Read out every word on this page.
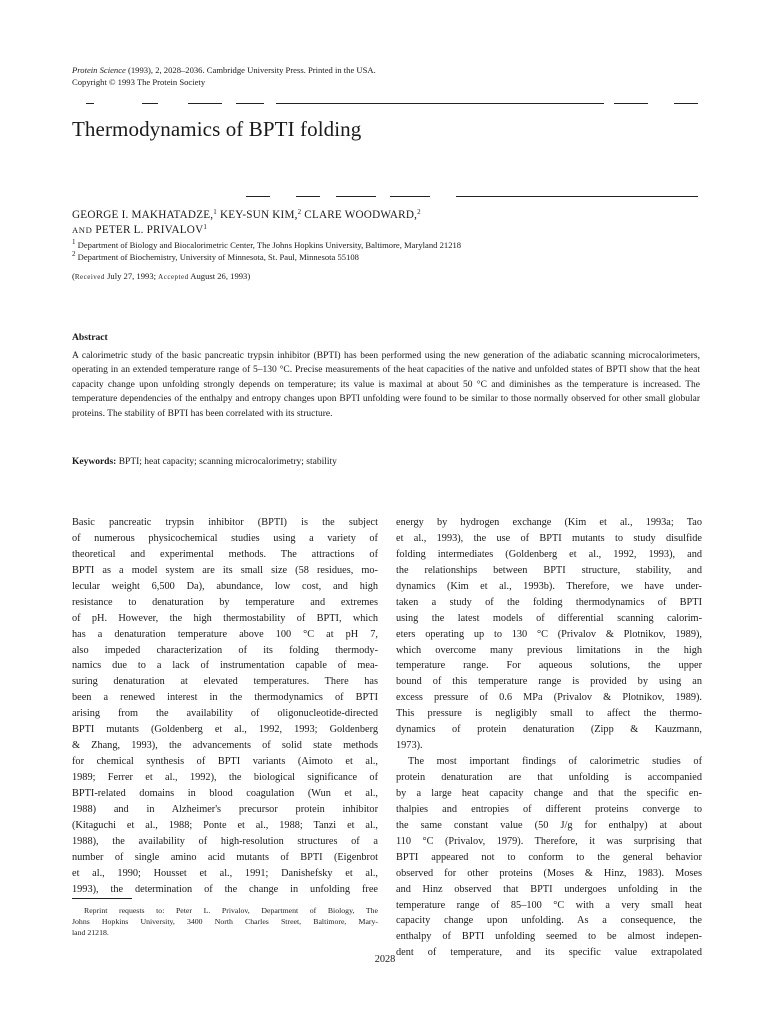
Protein Science (1993), 2, 2028–2036. Cambridge University Press. Printed in the USA.
Copyright © 1993 The Protein Society
Thermodynamics of BPTI folding
GEORGE I. MAKHATADZE,$^1$ KEY-SUN KIM,$^2$ CLARE WOODWARD,$^2$
AND PETER L. PRIVALOV$^1$
$^1$ Department of Biology and Biocalorimetric Center, The Johns Hopkins University, Baltimore, Maryland 21218
$^2$ Department of Biochemistry, University of Minnesota, St. Paul, Minnesota 55108
(Received July 27, 1993; Accepted August 26, 1993)
Abstract
A calorimetric study of the basic pancreatic trypsin inhibitor (BPTI) has been performed using the new generation of the adiabatic scanning microcalorimeters, operating in an extended temperature range of 5–130 °C. Precise measurements of the heat capacities of the native and unfolded states of BPTI show that the heat capacity change upon unfolding strongly depends on temperature; its value is maximal at about 50 °C and diminishes as the temperature is increased. The temperature dependencies of the enthalpy and entropy changes upon BPTI unfolding were found to be similar to those normally observed for other small globular proteins. The stability of BPTI has been correlated with its structure.
Keywords: BPTI; heat capacity; scanning microcalorimetry; stability
Basic pancreatic trypsin inhibitor (BPTI) is the subject
of numerous physicochemical studies using a variety of
theoretical and experimental methods. The attractions of
BPTI as a model system are its small size (58 residues, mo-
lecular weight 6,500 Da), abundance, low cost, and high
resistance to denaturation by temperature and extremes
of pH. However, the high thermostability of BPTI, which
has a denaturation temperature above 100 °C at pH 7,
also impeded characterization of its folding thermody-
namics due to a lack of instrumentation capable of mea-
suring denaturation at elevated temperatures. There has
been a renewed interest in the thermodynamics of BPTI
arising from the availability of oligonucleotide-directed
BPTI mutants (Goldenberg et al., 1992, 1993; Goldenberg
& Zhang, 1993), the advancements of solid state methods
for chemical synthesis of BPTI variants (Aimoto et al.,
1989; Ferrer et al., 1992), the biological significance of
BPTI-related domains in blood coagulation (Wun et al.,
1988) and in Alzheimer's precursor protein inhibitor
(Kitaguchi et al., 1988; Ponte et al., 1988; Tanzi et al.,
1988), the availability of high-resolution structures of a
number of single amino acid mutants of BPTI (Eigenbrot
et al., 1990; Housset et al., 1991; Danishefsky et al.,
1993), the determination of the change in unfolding free
energy by hydrogen exchange (Kim et al., 1993a; Tao
et al., 1993), the use of BPTI mutants to study disulfide
folding intermediates (Goldenberg et al., 1992, 1993), and
the relationships between BPTI structure, stability, and
dynamics (Kim et al., 1993b). Therefore, we have under-
taken a study of the folding thermodynamics of BPTI
using the latest models of differential scanning calorim-
eters operating up to 130 °C (Privalov & Plotnikov, 1989),
which overcome many previous limitations in the high
temperature range. For aqueous solutions, the upper
bound of this temperature range is provided by using an
excess pressure of 0.6 MPa (Privalov & Plotnikov, 1989).
This pressure is negligibly small to affect the thermo-
dynamics of protein denaturation (Zipp & Kauzmann,
1973).
The most important findings of calorimetric studies of
protein denaturation are that unfolding is accompanied
by a large heat capacity change and that the specific en-
thalpies and entropies of different proteins converge to
the same constant value (50 J/g for enthalpy) at about
110 °C (Privalov, 1979). Therefore, it was surprising that
BPTI appeared not to conform to the general behavior
observed for other proteins (Moses & Hinz, 1983). Moses
and Hinz observed that BPTI undergoes unfolding in the
temperature range of 85–100 °C with a very small heat
capacity change upon unfolding. As a consequence, the
enthalpy of BPTI unfolding seemed to be almost indepen-
dent of temperature, and its specific value extrapolated
Reprint requests to: Peter L. Privalov, Department of Biology, The
Johns Hopkins University, 3400 North Charles Street, Baltimore, Mary-
land 21218.
2028
